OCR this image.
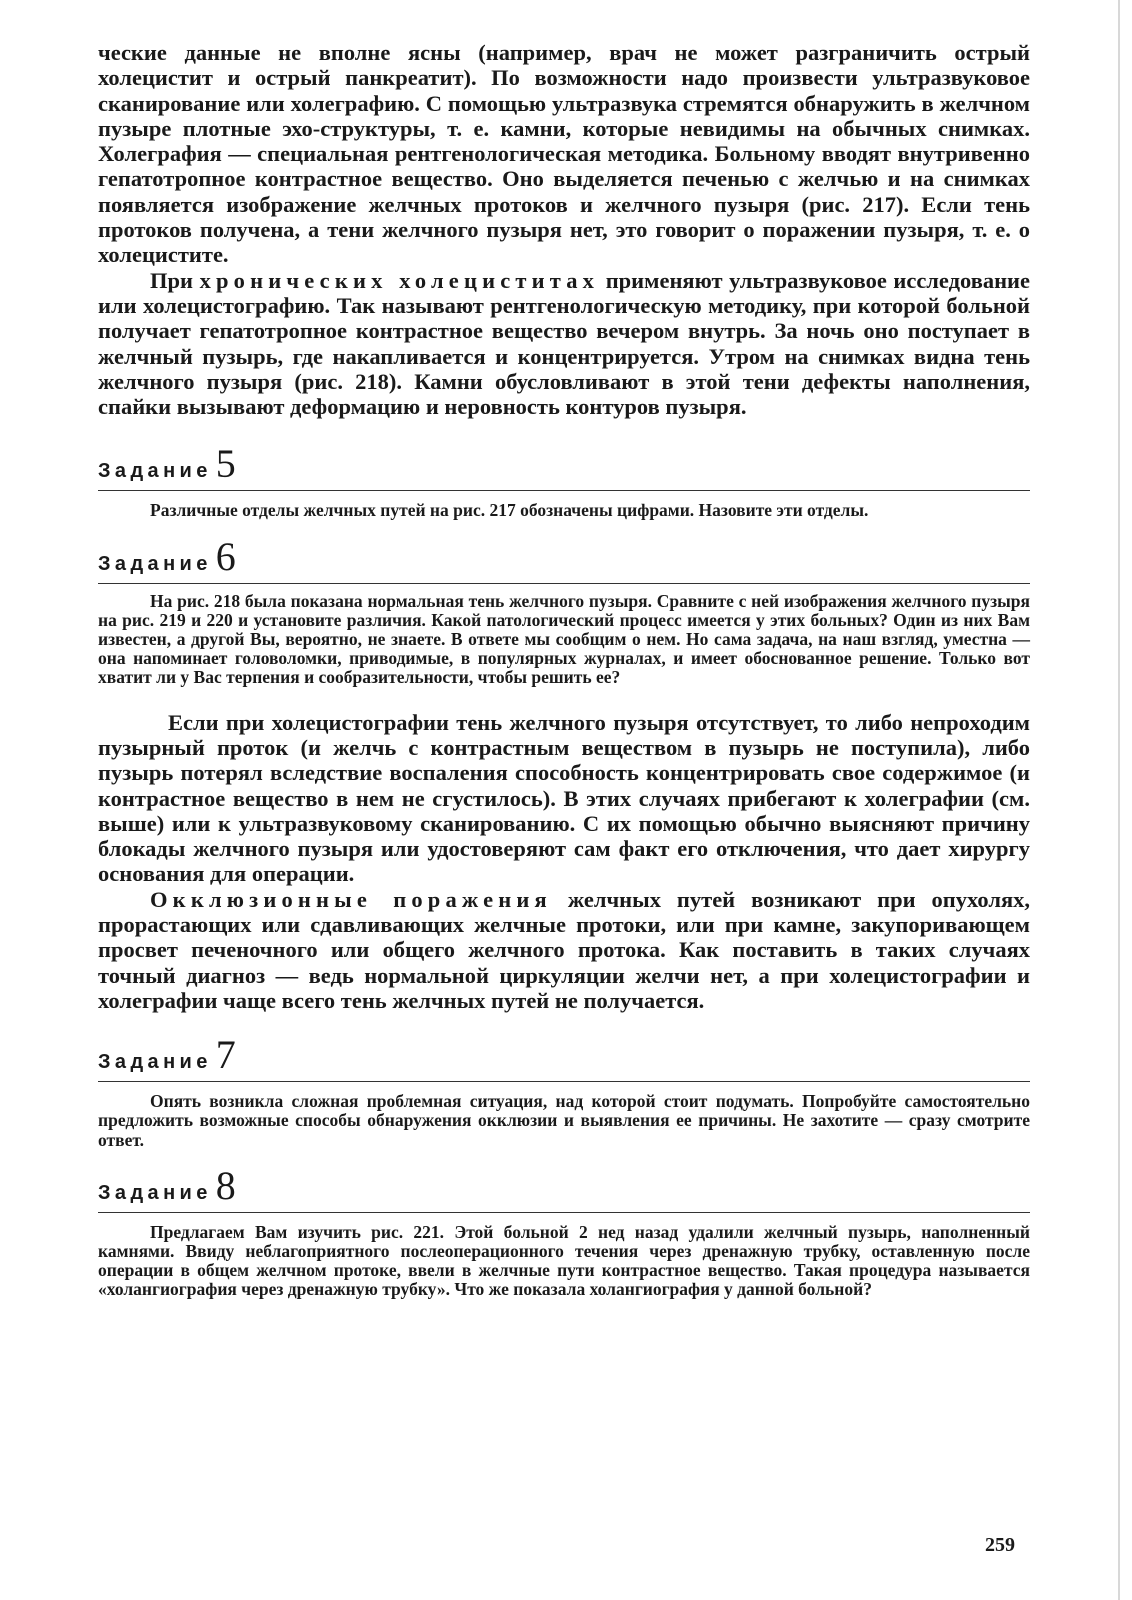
ческие данные не вполне ясны (например, врач не может разграничить острый холецистит и острый панкреатит). По возможности надо произвести ультразвуковое сканирование или холеграфию. С помощью ультразвука стремятся обнаружить в желчном пузыре плотные эхо-структуры, т. е. камни, которые невидимы на обычных снимках. Холеграфия — специальная рентгенологическая методика. Больному вводят внутривенно гепатотропное контрастное вещество. Оно выделяется печенью с желчью и на снимках появляется изображение желчных протоков и желчного пузыря (рис. 217). Если тень протоков получена, а тени желчного пузыря нет, это говорит о поражении пузыря, т. е. о холецистите.

При хронических холециститах применяют ультразвуковое исследование или холецистографию. Так называют рентгенологическую методику, при которой больной получает гепатотропное контрастное вещество вечером внутрь. За ночь оно поступает в желчный пузырь, где накапливается и концентрируется. Утром на снимках видна тень желчного пузыря (рис. 218). Камни обусловливают в этой тени дефекты наполнения, спайки вызывают деформацию и неровность контуров пузыря.

Задание 5

Различные отделы желчных путей на рис. 217 обозначены цифрами. Назовите эти отделы.

Задание 6

На рис. 218 была показана нормальная тень желчного пузыря. Сравните с ней изображения желчного пузыря на рис. 219 и 220 и установите различия. Какой патологический процесс имеется у этих больных? Один из них Вам известен, а другой Вы, вероятно, не знаете. В ответе мы сообщим о нем. Но сама задача, на наш взгляд, уместна — она напоминает головоломки, приводимые, в популярных журналах, и имеет обоснованное решение. Только вот хватит ли у Вас терпения и сообразительности, чтобы решить ее?

Если при холецистографии тень желчного пузыря отсутствует, то либо непроходим пузырный проток (и желчь с контрастным веществом в пузырь не поступила), либо пузырь потерял вследствие воспаления способность концентрировать свое содержимое (и контрастное вещество в нем не сгустилось). В этих случаях прибегают к холеграфии (см. выше) или к ультразвуковому сканированию. С их помощью обычно выясняют причину блокады желчного пузыря или удостоверяют сам факт его отключения, что дает хирургу основания для операции.

Окклюзионные поражения желчных путей возникают при опухолях, прорастающих или сдавливающих желчные протоки, или при камне, закупоривающем просвет печеночного или общего желчного протока. Как поставить в таких случаях точный диагноз — ведь нормальной циркуляции желчи нет, а при холецистографии и холеграфии чаще всего тень желчных путей не получается.

Задание 7

Опять возникла сложная проблемная ситуация, над которой стоит подумать. Попробуйте самостоятельно предложить возможные способы обнаружения окклюзии и выявления ее причины. Не захотите — сразу смотрите ответ.

Задание 8

Предлагаем Вам изучить рис. 221. Этой больной 2 нед назад удалили желчный пузырь, наполненный камнями. Ввиду неблагоприятного послеоперационного течения через дренажную трубку, оставленную после операции в общем желчном протоке, ввели в желчные пути контрастное вещество. Такая процедура называется «холангиография через дренажную трубку». Что же показала холангиография у данной больной?

259
